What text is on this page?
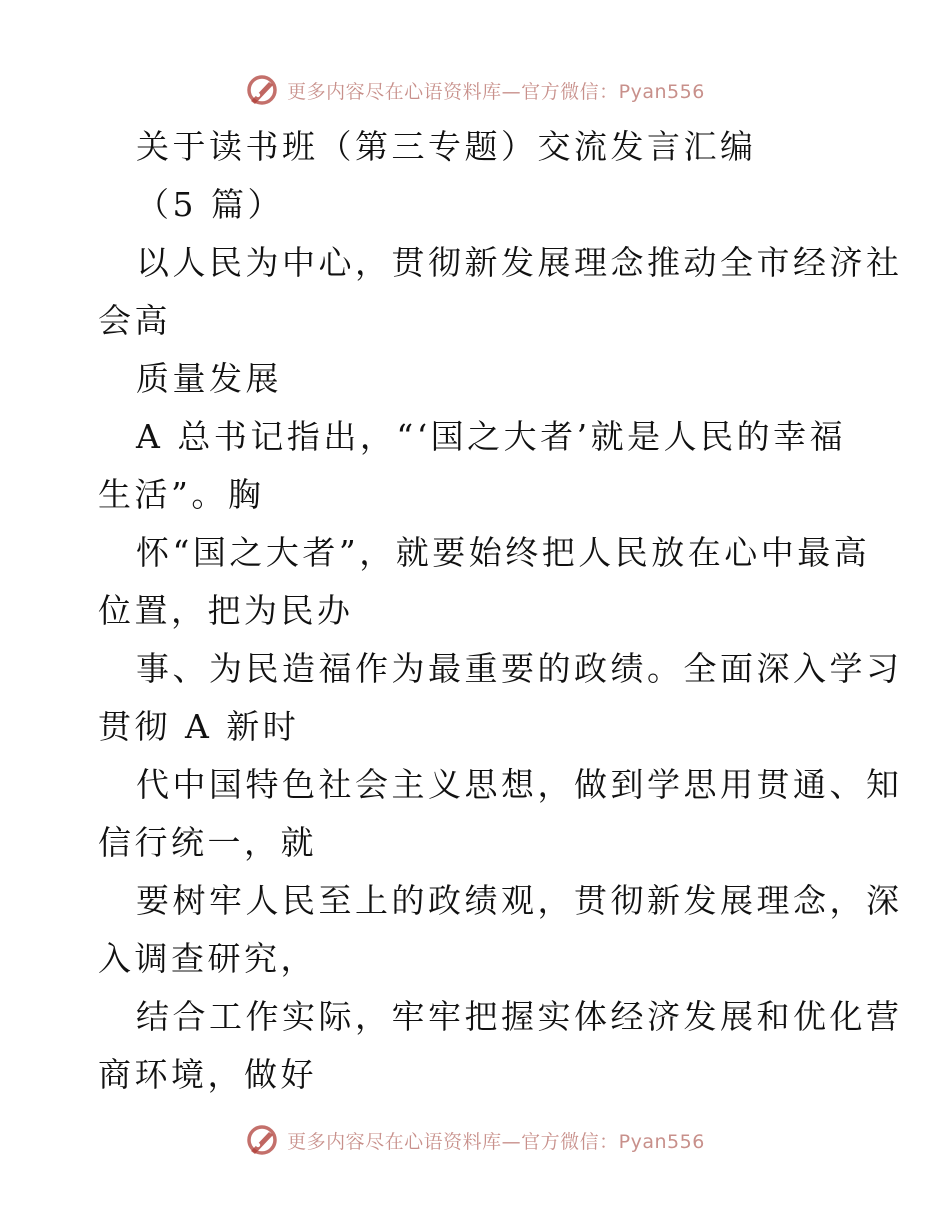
更多内容尽在心语资料库—官方微信：Pyan556
关于读书班（第三专题）交流发言汇编
（5 篇）
以人民为中心，贯彻新发展理念推动全市经济社
会高
质量发展
A 总书记指出，“‘国之大者’就是人民的幸福
生活”。胸
怀“国之大者”，就要始终把人民放在心中最高
位置，把为民办
事、为民造福作为最重要的政绩。全面深入学习
贯彻 A 新时
代中国特色社会主义思想，做到学思用贯通、知
信行统一，就
要树牢人民至上的政绩观，贯彻新发展理念，深
入调查研究，
结合工作实际，牢牢把握实体经济发展和优化营
商环境，做好
更多内容尽在心语资料库—官方微信：Pyan556
